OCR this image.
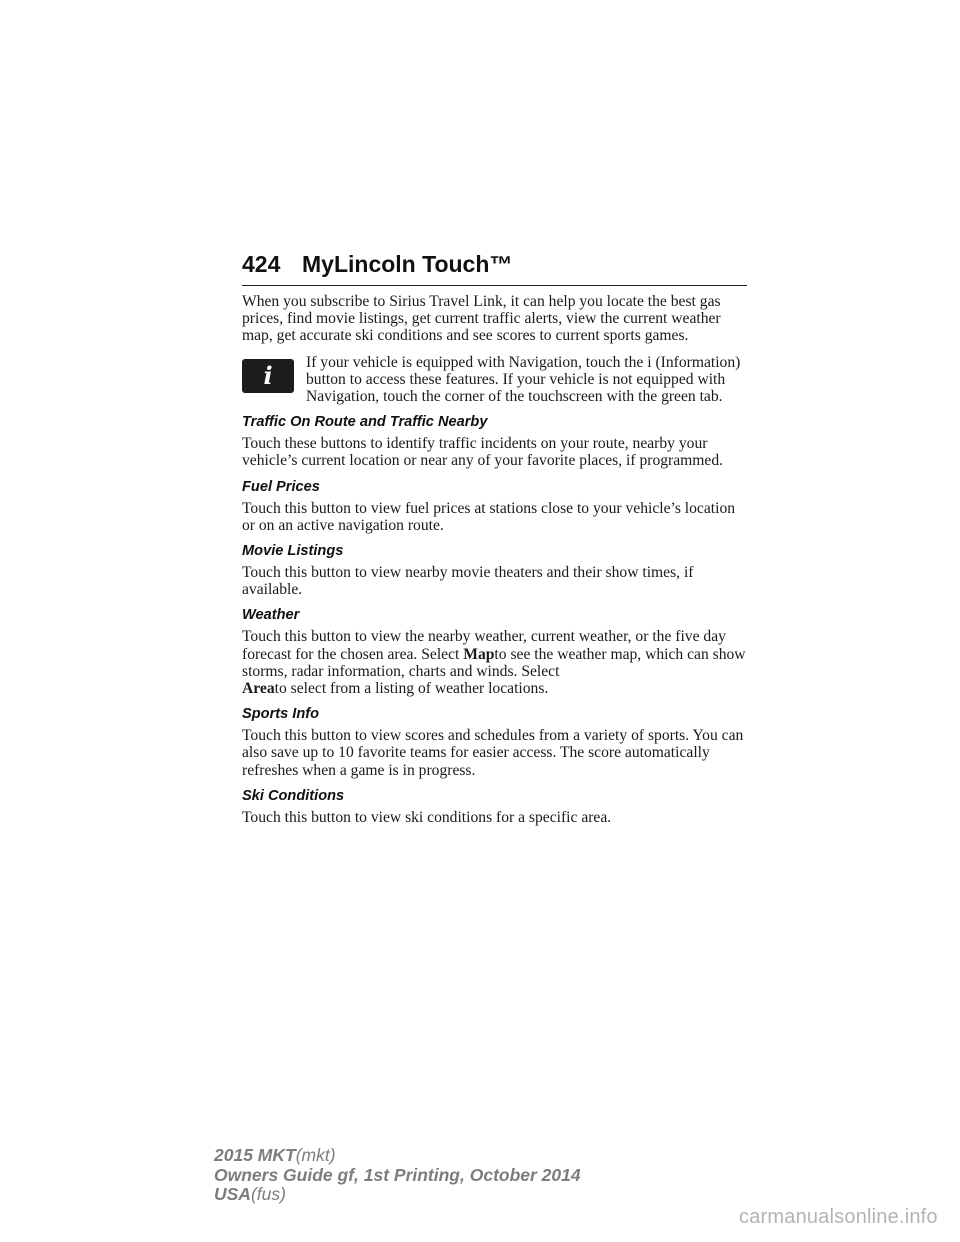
424 MyLincoln Touch™

When you subscribe to Sirius Travel Link, it can help you locate the best gas prices, find movie listings, get current traffic alerts, view the current weather map, get accurate ski conditions and see scores to current sports games.

i	If your vehicle is equipped with Navigation, touch the i (Information) button to access these features. If your vehicle is not equipped with Navigation, touch the corner of the touchscreen with the green tab.

Traffic On Route and Traffic Nearby

Touch these buttons to identify traffic incidents on your route, nearby your vehicle’s current location or near any of your favorite places, if programmed.

Fuel Prices

Touch this button to view fuel prices at stations close to your vehicle’s location or on an active navigation route.

Movie Listings

Touch this button to view nearby movie theaters and their show times, if available.

Weather

Touch this button to view the nearby weather, current weather, or the five day forecast for the chosen area. Select Mapto see the weather map, which can show storms, radar information, charts and winds. Select
Areato select from a listing of weather locations.

Sports Info

Touch this button to view scores and schedules from a variety of sports. You can also save up to 10 favorite teams for easier access. The score automatically refreshes when a game is in progress.

Ski Conditions

Touch this button to view ski conditions for a specific area.

2015 MKT(mkt)
Owners Guide gf, 1st Printing, October 2014
USA(fus)
carmanualsonline.info
